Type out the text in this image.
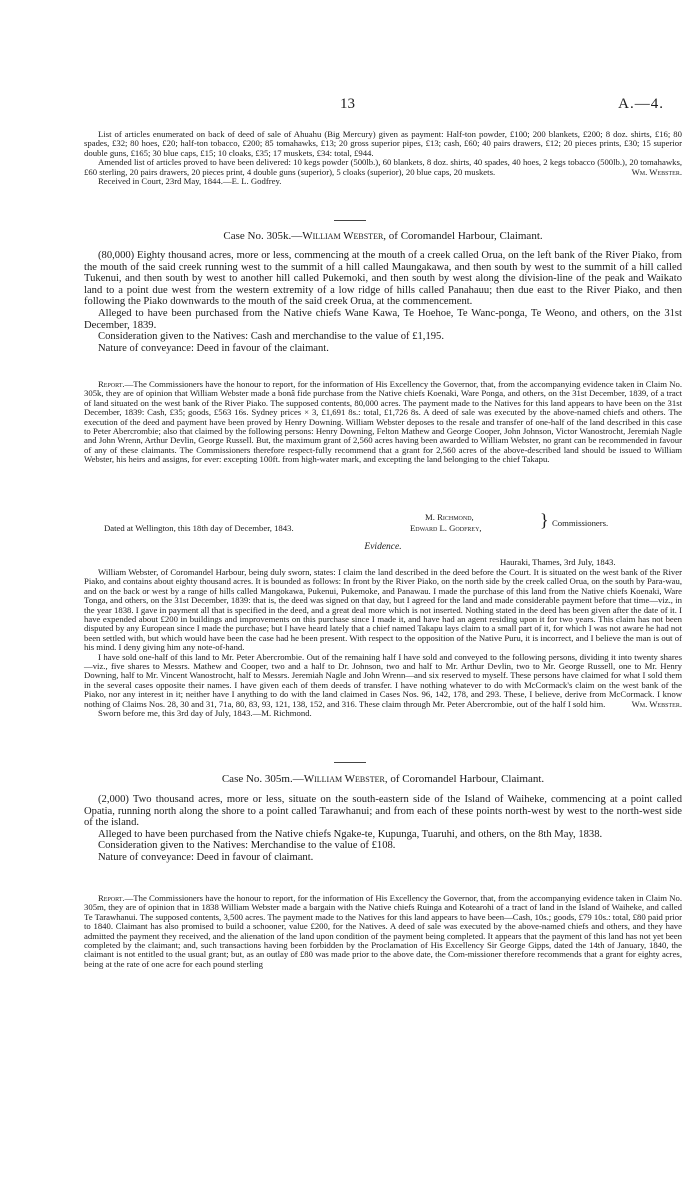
13	A.—4.

List of articles enumerated on back of deed of sale of Ahuahu (Big Mercury) given as payment: Half-ton powder, £100; 200 blankets, £200; 8 doz. shirts, £16; 80 spades, £32; 80 hoes, £20; half-ton tobacco, £200; 85 tomahawks, £13; 20 gross superior pipes, £13; cash, £60; 40 pairs drawers, £12; 20 pieces prints, £30; 15 superior double guns, £165; 30 blue caps, £15; 10 cloaks, £35; 17 muskets, £34: total, £944.

Amended list of articles proved to have been delivered: 10 kegs powder (500lb.), 60 blankets, 8 doz. shirts, 40 spades, 40 hoes, 2 kegs tobacco (500lb.), 20 tomahawks, £60 sterling, 20 pairs drawers, 20 pieces print, 4 double guns (superior), 5 cloaks (superior), 20 blue caps, 20 muskets.	Wm. Webster.

Received in Court, 23rd May, 1844.—E. L. Godfrey.

Case No. 305k.—William Webster, of Coromandel Harbour, Claimant.

(80,000) Eighty thousand acres, more or less, commencing at the mouth of a creek called Orua, on the left bank of the River Piako, from the mouth of the said creek running west to the summit of a hill called Maungakawa, and then south by west to the summit of a hill called Tukenui, and then south by west to another hill called Pukemoki, and then south by west along the division-line of the peak and Waikato land to a point due west from the western extremity of a low ridge of hills called Panahauu; then due east to the River Piako, and then following the Piako downwards to the mouth of the said creek Orua, at the commencement.

Alleged to have been purchased from the Native chiefs Wane Kawa, Te Hoehoe, Te Wanc-ponga, Te Weono, and others, on the 31st December, 1839.

Consideration given to the Natives: Cash and merchandise to the value of £1,195.

Nature of conveyance: Deed in favour of the claimant.

Report.—The Commissioners have the honour to report, for the information of His Excellency the Governor, that, from the accompanying evidence taken in Claim No. 305k, they are of opinion that William Webster made a bonâ fide purchase from the Native chiefs Koenaki, Ware Ponga, and others, on the 31st December, 1839, of a tract of land situated on the west bank of the River Piako. The supposed contents, 80,000 acres. The payment made to the Natives for this land appears to have been on the 31st December, 1839: Cash, £35; goods, £563 16s. Sydney prices × 3, £1,691 8s.: total, £1,726 8s. A deed of sale was executed by the above-named chiefs and others. The execution of the deed and payment have been proved by Henry Downing. William Webster deposes to the resale and transfer of one-half of the land described in this case to Peter Abercrombie; also that claimed by the following persons: Henry Downing, Felton Mathew and George Cooper, John Johnson, Victor Wanostrocht, Jeremiah Nagle and John Wrenn, Arthur Devlin, George Russell. But, the maximum grant of 2,560 acres having been awarded to William Webster, no grant can be recommended in favour of any of these claimants. The Commissioners therefore respect-fully recommend that a grant for 2,560 acres of the above-described land should be issued to William Webster, his heirs and assigns, for ever: excepting 100ft. from high-water mark, and excepting the land belonging to the chief Takapu.

Dated at Wellington, this 18th day of December, 1843.
M. Richmond,
Edward L. Godfrey,	} Commissioners.
Evidence.
Hauraki, Thames, 3rd July, 1843.

William Webster, of Coromandel Harbour, being duly sworn, states: I claim the land described in the deed before the Court. It is situated on the west bank of the River Piako, and contains about eighty thousand acres. It is bounded as follows: In front by the River Piako, on the north side by the creek called Orua, on the south by Para-wau, and on the back or west by a range of hills called Mangokawa, Pukenui, Pukemoke, and Panawau. I made the purchase of this land from the Native chiefs Koenaki, Ware Tonga, and others, on the 31st December, 1839: that is, the deed was signed on that day, but I agreed for the land and made considerable payment before that time—viz., in the year 1838. I gave in payment all that is specified in the deed, and a great deal more which is not inserted. Nothing stated in the deed has been given after the date of it. I have expended about £200 in buildings and improvements on this purchase since I made it, and have had an agent residing upon it for two years. This claim has not been disputed by any European since I made the purchase; but I have heard lately that a chief named Takapu lays claim to a small part of it, for which I was not aware he had not been settled with, but which would have been the case had he been present. With respect to the opposition of the Native Puru, it is incorrect, and I believe the man is out of his mind. I deny giving him any note-of-hand.

I have sold one-half of this land to Mr. Peter Abercrombie. Out of the remaining half I have sold and conveyed to the following persons, dividing it into twenty shares—viz., five shares to Messrs. Mathew and Cooper, two and a half to Dr. Johnson, two and half to Mr. Arthur Devlin, two to Mr. George Russell, one to Mr. Henry Downing, half to Mr. Vincent Wanostrocht, half to Messrs. Jeremiah Nagle and John Wrenn—and six reserved to myself. These persons have claimed for what I sold them in the several cases opposite their names. I have given each of them deeds of transfer. I have nothing whatever to do with McCormack's claim on the west bank of the Piako, nor any interest in it; neither have I anything to do with the land claimed in Cases Nos. 96, 142, 178, and 293. These, I believe, derive from McCormack. I know nothing of Claims Nos. 28, 30 and 31, 71a, 80, 83, 93, 121, 138, 152, and 316. These claim through Mr. Peter Abercrombie, out of the half I sold him.	Wm. Webster.

Sworn before me, this 3rd day of July, 1843.—M. Richmond.

Case No. 305m.—William Webster, of Coromandel Harbour, Claimant.

(2,000) Two thousand acres, more or less, situate on the south-eastern side of the Island of Waiheke, commencing at a point called Opatia, running north along the shore to a point called Tarawhanui; and from each of these points north-west by west to the north-west side of the island.

Alleged to have been purchased from the Native chiefs Ngake-te, Kupunga, Tuaruhi, and others, on the 8th May, 1838.

Consideration given to the Natives: Merchandise to the value of £108.

Nature of conveyance: Deed in favour of claimant.

Report.—The Commissioners have the honour to report, for the information of His Excellency the Governor, that, from the accompanying evidence taken in Claim No. 305m, they are of opinion that in 1838 William Webster made a bargain with the Native chiefs Ruinga and Kotearohi of a tract of land in the Island of Waiheke, and called Te Tarawhanui. The supposed contents, 3,500 acres. The payment made to the Natives for this land appears to have been—Cash, 10s.; goods, £79 10s.: total, £80 paid prior to 1840. Claimant has also promised to build a schooner, value £200, for the Natives. A deed of sale was executed by the above-named chiefs and others, and they have admitted the payment they received, and the alienation of the land upon condition of the payment being completed. It appears that the payment of this land has not yet been completed by the claimant; and, such transactions having been forbidden by the Proclamation of His Excellency Sir George Gipps, dated the 14th of January, 1840, the claimant is not entitled to the usual grant; but, as an outlay of £80 was made prior to the above date, the Com-missioner therefore recommends that a grant for eighty acres, being at the rate of one acre for each pound sterling
